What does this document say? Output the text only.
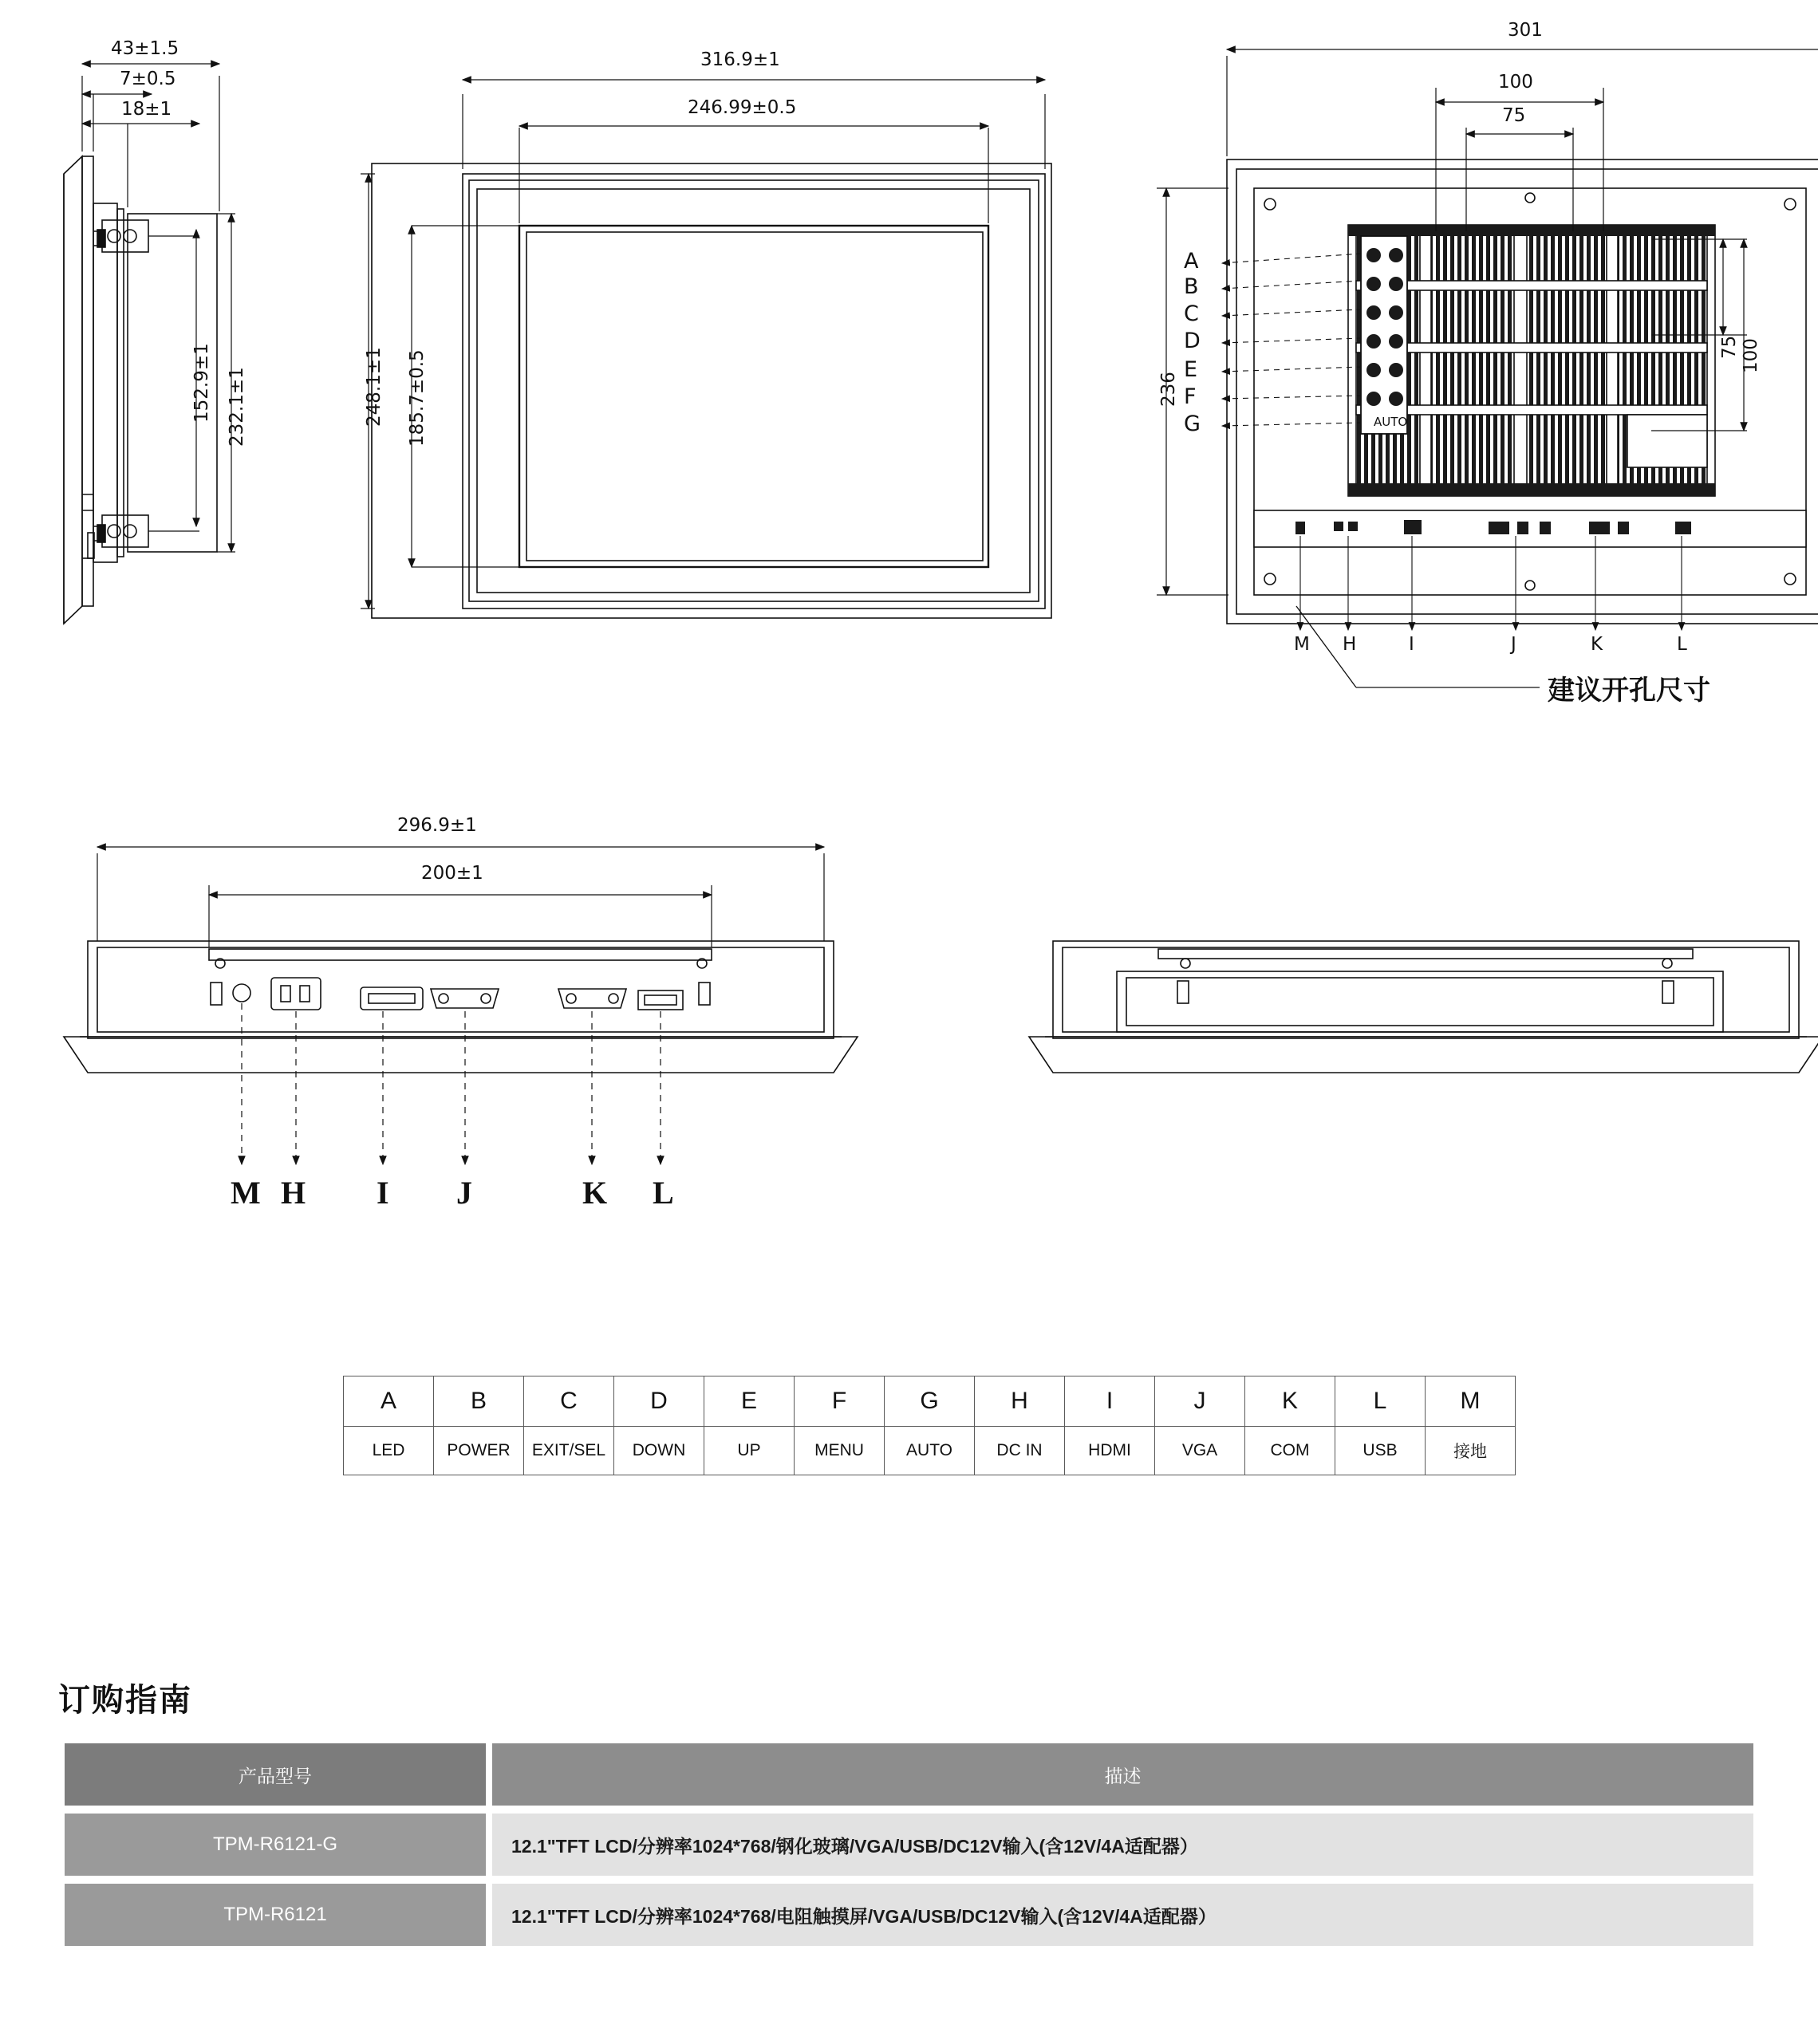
AUTO
43±1.5
7±0.5
18±1
152.9±1 232.1±1
316.9±1
246.99±0.5
248.1±1 185.7±0.5
301
100
75
236
75 100
296.9±1
200±1
A
B
C
D
E
F
G
M H	I	J	K	L
建议开孔尺寸
M H I J	K L
A	B	C	D	E	F	G	H	I	J	K	L	M
LED	POWER	EXIT/SEL	DOWN	UP	MENU	AUTO	DC IN	HDMI	VGA	COM	USB	接地
订购指南
产品型号	描述
TPM-R6121-G	12.1"TFT LCD/分辨率1024*768/钢化玻璃/VGA/USB/DC12V输入(含12V/4A适配器）
TPM-R6121	12.1"TFT LCD/分辨率1024*768/电阻触摸屏/VGA/USB/DC12V输入(含12V/4A适配器）
